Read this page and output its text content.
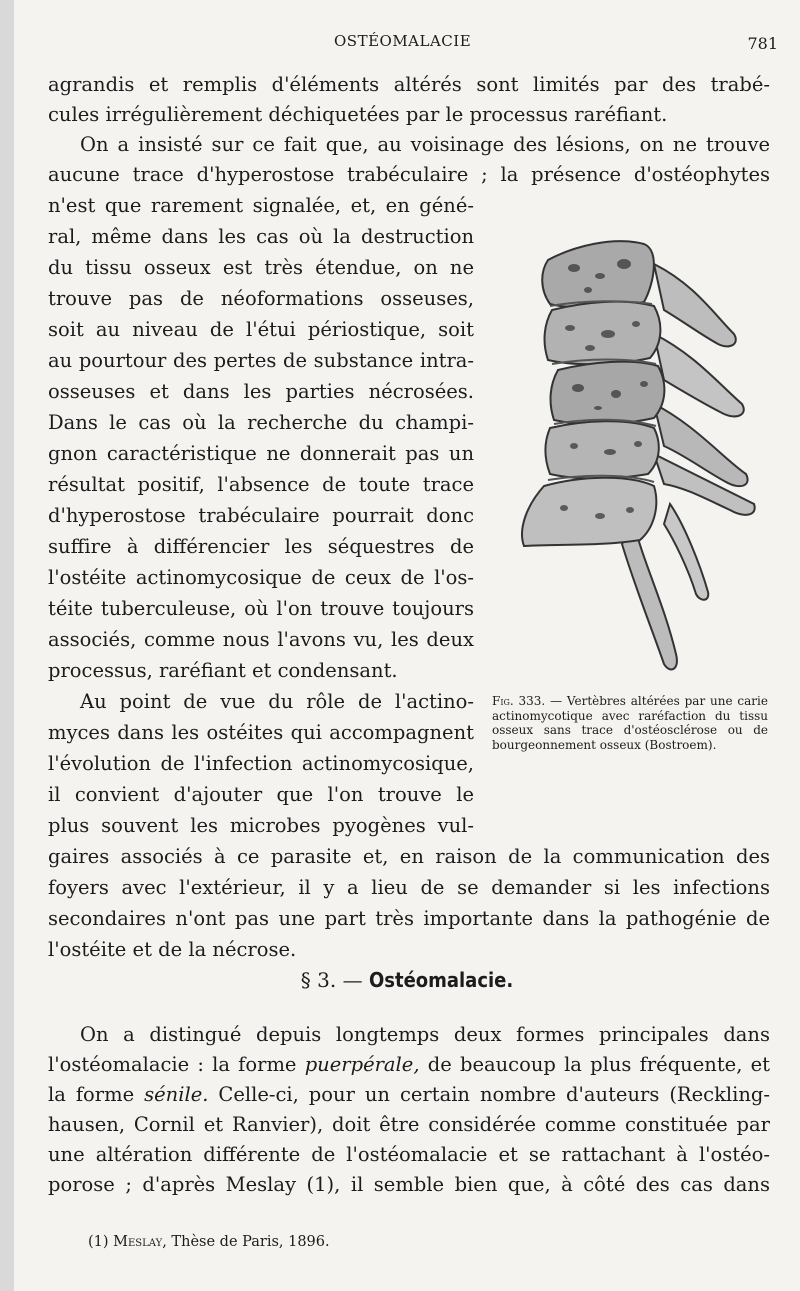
OSTÉOMALACIE	781
agrandis et remplis d'éléments altérés sont limités par des trabé-
cules irrégulièrement déchiquetées par le processus raréfiant.
On a insisté sur ce fait que, au voisinage des lésions, on ne trouve
aucune trace d'hyperostose trabéculaire ; la présence d'ostéophytes
n'est que rarement signalée, et, en géné-
ral, même dans les cas où la destruction
du tissu osseux est très étendue, on ne
trouve pas de néoformations osseuses,
soit au niveau de l'étui périostique, soit
au pourtour des pertes de substance intra-
osseuses et dans les parties nécrosées.
Dans le cas où la recherche du champi-
gnon caractéristique ne donnerait pas un
résultat positif, l'absence de toute trace
d'hyperostose trabéculaire pourrait donc
suffire à différencier les séquestres de
l'ostéite actinomycosique de ceux de l'os-
téite tuberculeuse, où l'on trouve toujours
associés, comme nous l'avons vu, les deux
processus, raréfiant et condensant.
Au point de vue du rôle de l'actino-
myces dans les ostéites qui accompagnent
l'évolution de l'infection actinomycosique,
il convient d'ajouter que l'on trouve le
plus souvent les microbes pyogènes vul-
gaires associés à ce parasite et, en raison de la communication des
foyers avec l'extérieur, il y a lieu de se demander si les infections
secondaires n'ont pas une part très importante dans la pathogénie de
l'ostéite et de la nécrose.
Fig. 333. — Vertèbres altérées par une carie actinomycotique avec raréfaction du tissu osseux sans trace d'ostéosclérose ou de bourgeonnement osseux (Bostroem).
§ 3. — Ostéomalacie.
On a distingué depuis longtemps deux formes principales dans
l'ostéomalacie : la forme puerpérale, de beaucoup la plus fréquente, et
la forme sénile. Celle-ci, pour un certain nombre d'auteurs (Reckling-
hausen, Cornil et Ranvier), doit être considérée comme constituée par
une altération différente de l'ostéomalacie et se rattachant à l'ostéo-
porose ; d'après Meslay (1), il semble bien que, à côté des cas dans
(1) Meslay, Thèse de Paris, 1896.
